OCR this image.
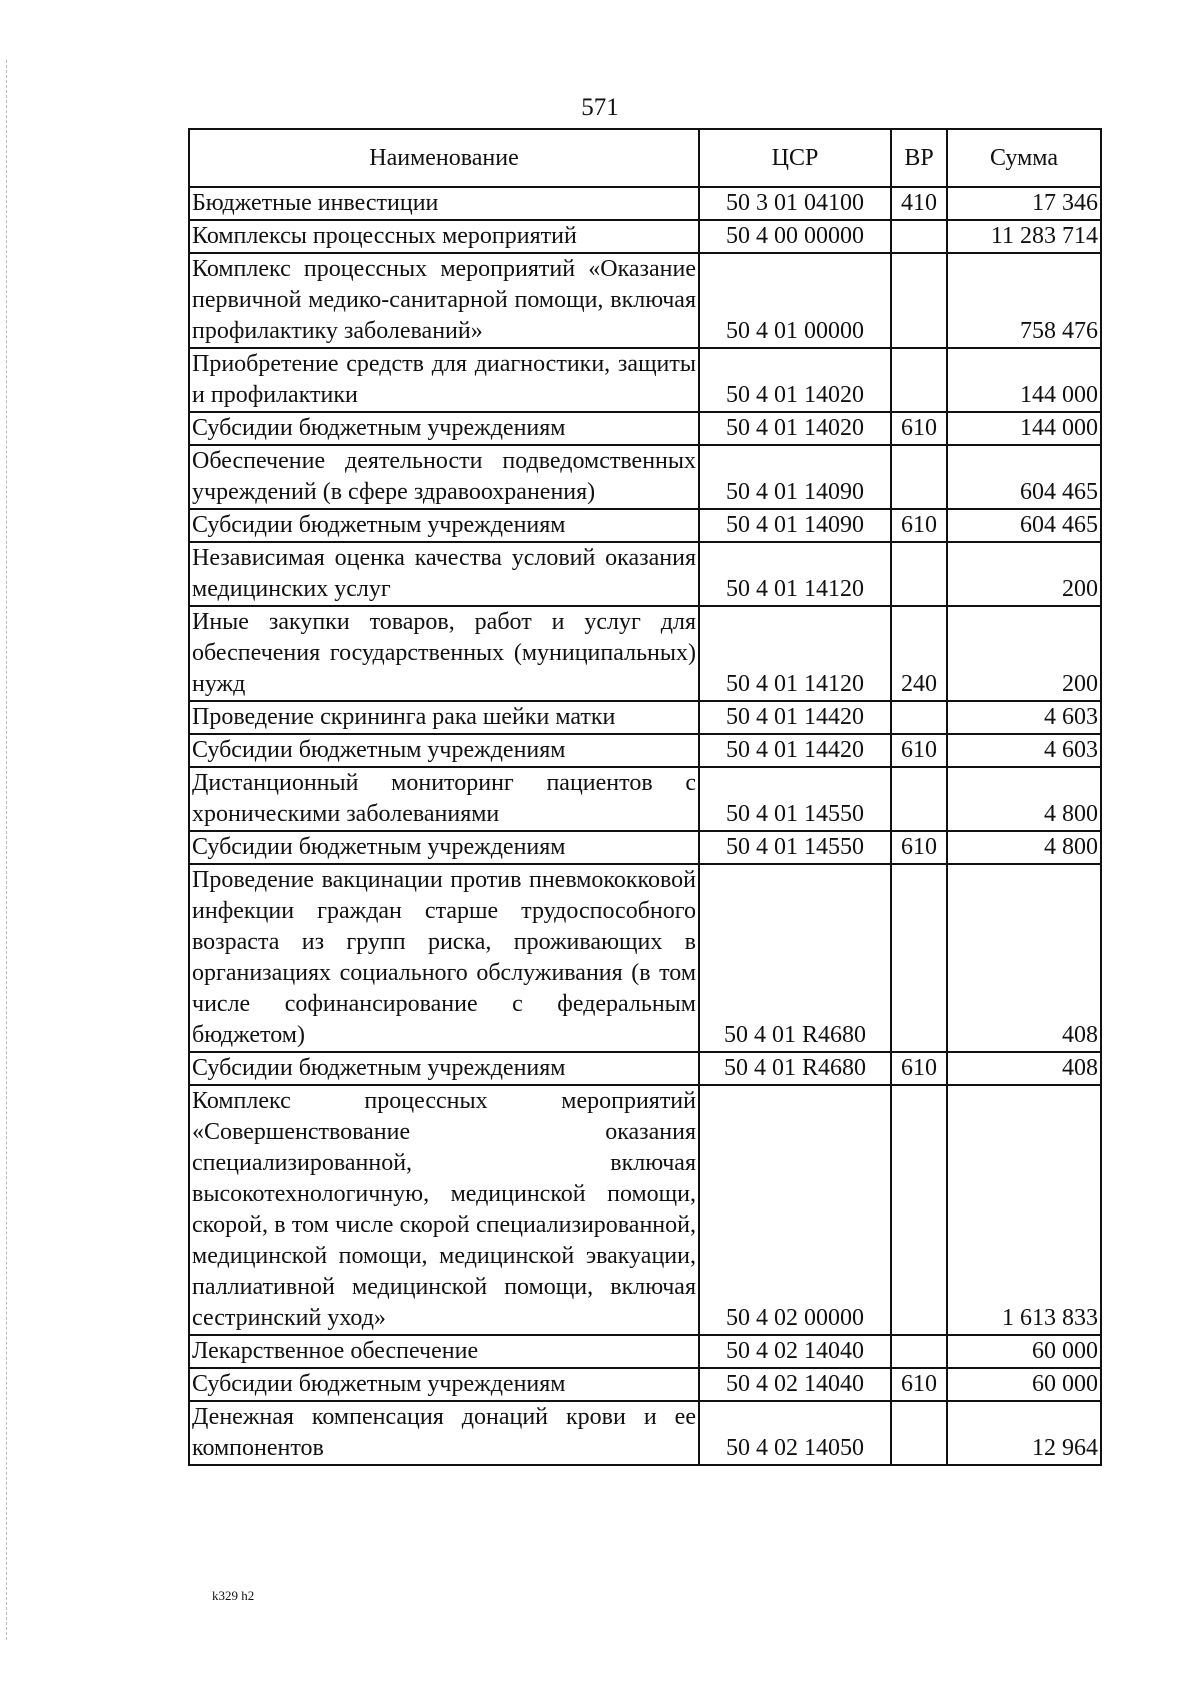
571
Наименование	ЦСР	ВР	Сумма
Бюджетные инвестиции	50 3 01 04100	410	17 346
Комплексы процессных мероприятий	50 4 00 00000		11 283 714
Комплекс процессных мероприятий «Оказание первичной медико-санитарной помощи, включая профилактику заболеваний»	50 4 01 00000		758 476
Приобретение средств для диагностики, защиты и профилактики	50 4 01 14020		144 000
Субсидии бюджетным учреждениям	50 4 01 14020	610	144 000
Обеспечение деятельности подведомственных учреждений (в сфере здравоохранения)	50 4 01 14090		604 465
Субсидии бюджетным учреждениям	50 4 01 14090	610	604 465
Независимая оценка качества условий оказания медицинских услуг	50 4 01 14120		200
Иные закупки товаров, работ и услуг для обеспечения государственных (муниципальных) нужд	50 4 01 14120	240	200
Проведение скрининга рака шейки матки	50 4 01 14420		4 603
Субсидии бюджетным учреждениям	50 4 01 14420	610	4 603
Дистанционный мониторинг пациентов с хроническими заболеваниями	50 4 01 14550		4 800
Субсидии бюджетным учреждениям	50 4 01 14550	610	4 800
Проведение вакцинации против пневмококковой инфекции граждан старше трудоспособного возраста из групп риска, проживающих в организациях социального обслуживания (в том числе софинансирование с федеральным бюджетом)	50 4 01 R4680		408
Субсидии бюджетным учреждениям	50 4 01 R4680	610	408
Комплекс процессных мероприятий «Совершенствование оказания специализированной, включая высокотехнологичную, медицинской помощи, скорой, в том числе скорой специализированной, медицинской помощи, медицинской эвакуации, паллиативной медицинской помощи, включая сестринский уход»	50 4 02 00000		1 613 833
Лекарственное обеспечение	50 4 02 14040		60 000
Субсидии бюджетным учреждениям	50 4 02 14040	610	60 000
Денежная компенсация донаций крови и ее компонентов	50 4 02 14050		12 964
k329 h2
